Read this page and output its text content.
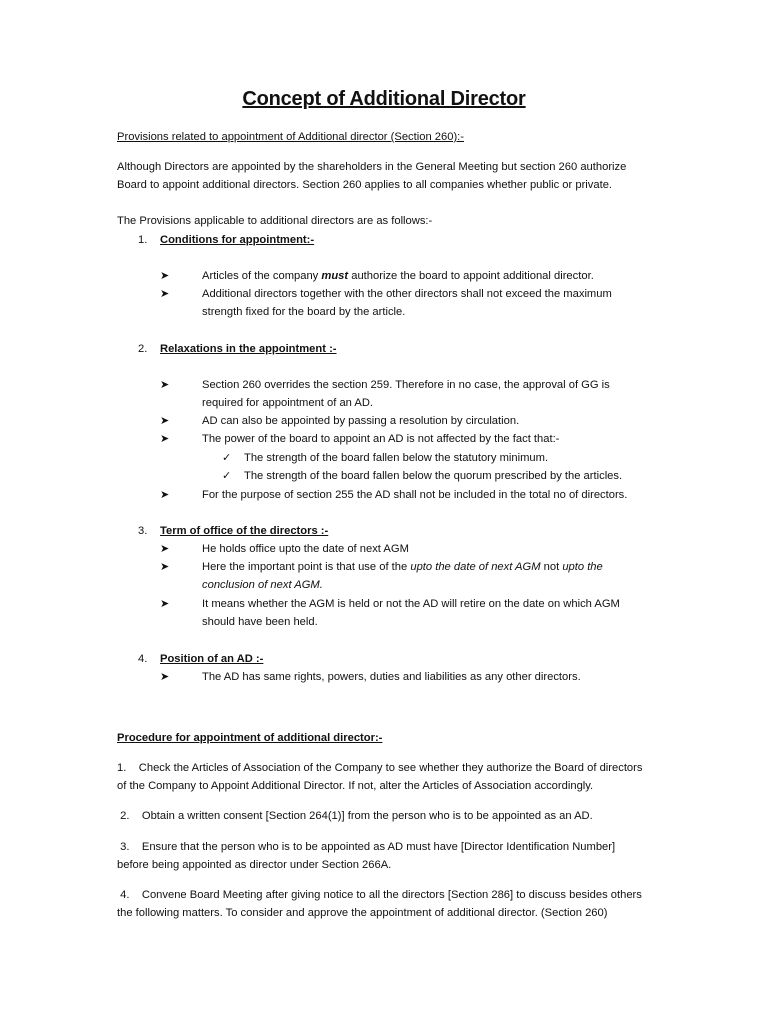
Concept of Additional Director
Provisions related to appointment of Additional director (Section 260):-
Although Directors are appointed by the shareholders in the General Meeting but section 260 authorize
Board to appoint additional directors. Section 260 applies to all companies whether public or private.
The Provisions applicable to additional directors are as follows:-
1. Conditions for appointment:-
➤	Articles of the company must authorize the board to appoint additional director.
➤	Additional directors together with the other directors shall not exceed the maximum
strength fixed for the board by the article.
2. Relaxations in the appointment :-
➤	Section 260 overrides the section 259. Therefore in no case, the approval of GG is
required for appointment of an AD.
➤	AD can also be appointed by passing a resolution by circulation.
➤	The power of the board to appoint an AD is not affected by the fact that:-
✓ The strength of the board fallen below the statutory minimum.
✓ The strength of the board fallen below the quorum prescribed by the articles.
➤	For the purpose of section 255 the AD shall not be included in the total no of directors.
3. Term of office of the directors :-
➤	He holds office upto the date of next AGM
➤	Here the important point is that use of the upto the date of next AGM not upto the
conclusion of next AGM.
➤	It means whether the AGM is held or not the AD will retire on the date on which AGM
should have been held.
4. Position of an AD :-
➤	The AD has same rights, powers, duties and liabilities as any other directors.
Procedure for appointment of additional director:-
1.    Check the Articles of Association of the Company to see whether they authorize the Board of directors
of the Company to Appoint Additional Director. If not, alter the Articles of Association accordingly.
2.    Obtain a written consent [Section 264(1)] from the person who is to be appointed as an AD.
3.    Ensure that the person who is to be appointed as AD must have [Director Identification Number]
before being appointed as director under Section 266A.
4.    Convene Board Meeting after giving notice to all the directors [Section 286] to discuss besides others
the following matters. To consider and approve the appointment of additional director. (Section 260)
